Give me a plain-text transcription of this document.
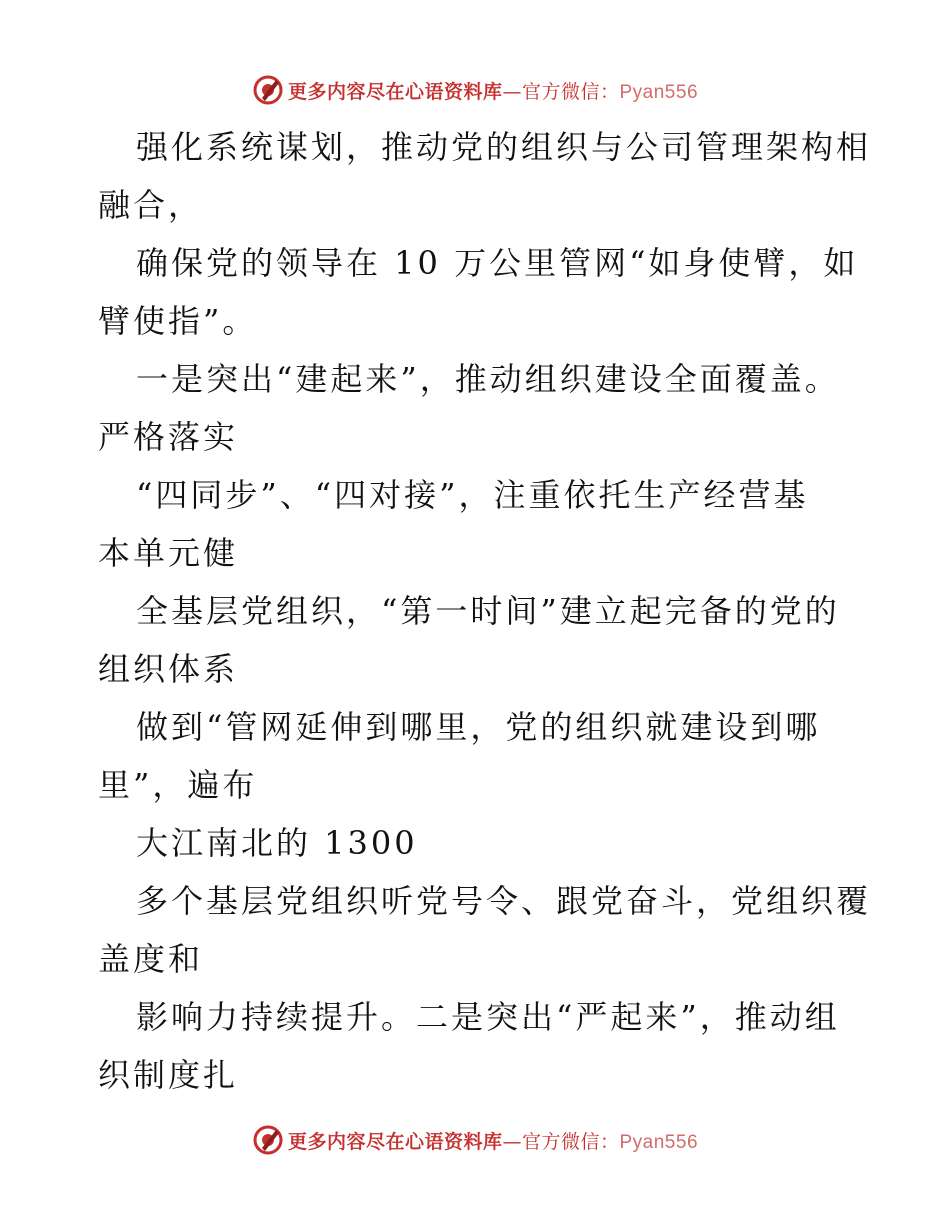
更多内容尽在心语资料库—官方微信：Pyan556
强化系统谋划，推动党的组织与公司管理架构相
融合，
确保党的领导在 10 万公里管网“如身使臂，如
臂使指”。
一是突出“建起来”，推动组织建设全面覆盖。
严格落实
“四同步”、“四对接”，注重依托生产经营基
本单元健
全基层党组织，“第一时间”建立起完备的党的
组织体系
做到“管网延伸到哪里，党的组织就建设到哪
里”，遍布
大江南北的 1300
多个基层党组织听党号令、跟党奋斗，党组织覆
盖度和
影响力持续提升。二是突出“严起来”，推动组
织制度扎
更多内容尽在心语资料库—官方微信：Pyan556
